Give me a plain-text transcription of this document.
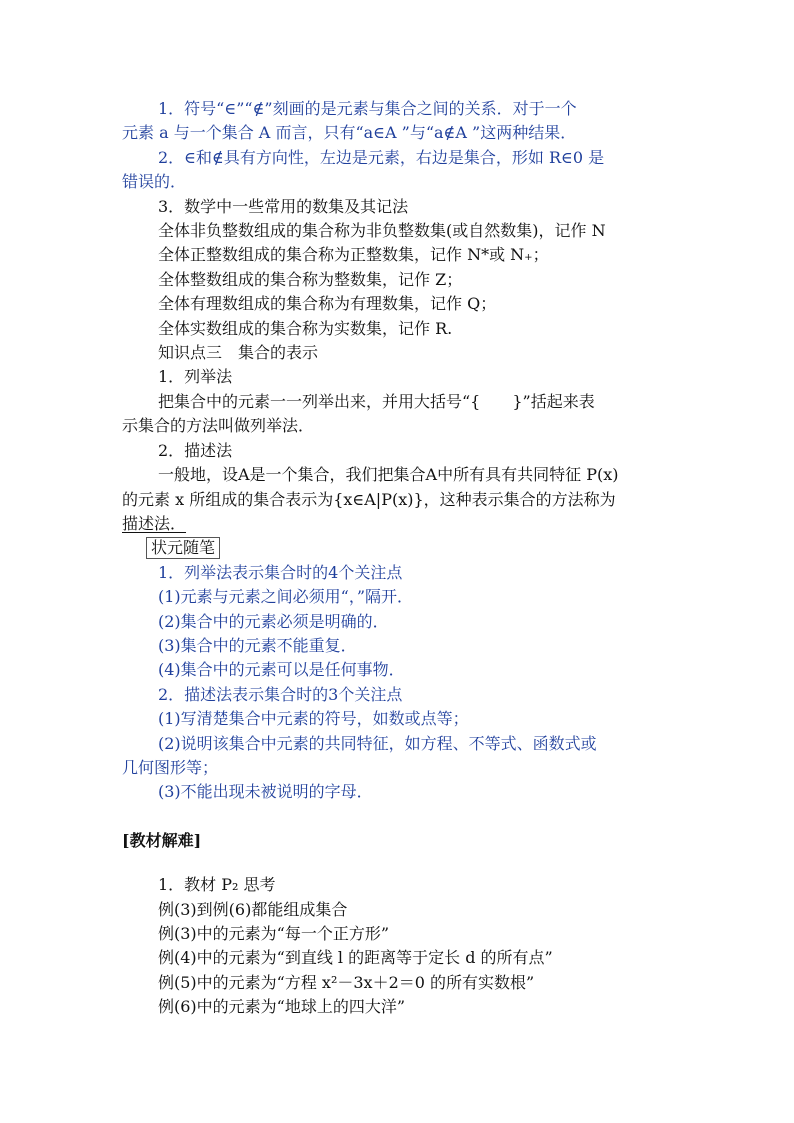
1．符号“∈”“∉”刻画的是元素与集合之间的关系．对于一个
元素 a 与一个集合 A 而言，只有“a∈A ”与“a∉A ”这两种结果．
2．∈和∉具有方向性，左边是元素，右边是集合，形如 R∈0 是
错误的．
3．数学中一些常用的数集及其记法
全体非负整数组成的集合称为非负整数集(或自然数集)，记作 N
全体正整数组成的集合称为正整数集，记作 N*或 N₊；
全体整数组成的集合称为整数集，记作 Z；
全体有理数组成的集合称为有理数集，记作 Q；
全体实数组成的集合称为实数集，记作 R.
知识点三　集合的表示
1．列举法
把集合中的元素一一列举出来，并用大括号“{　　}”括起来表
示集合的方法叫做列举法．
2．描述法
一般地，设A是一个集合，我们把集合A中所有具有共同特征 P(x)
的元素 x 所组成的集合表示为{x∈A|P(x)}，这种表示集合的方法称为
描述法．
状元随笔
1．列举法表示集合时的4个关注点
(1)元素与元素之间必须用“，”隔开．
(2)集合中的元素必须是明确的．
(3)集合中的元素不能重复．
(4)集合中的元素可以是任何事物．
2．描述法表示集合时的3个关注点
(1)写清楚集合中元素的符号，如数或点等；
(2)说明该集合中元素的共同特征，如方程、不等式、函数式或
几何图形等；
(3)不能出现未被说明的字母．
[教材解难]
1．教材 P₂ 思考
例(3)到例(6)都能组成集合
例(3)中的元素为“每一个正方形”
例(4)中的元素为“到直线 l 的距离等于定长 d 的所有点”
例(5)中的元素为“方程 x²－3x＋2＝0 的所有实数根”
例(6)中的元素为“地球上的四大洋”
